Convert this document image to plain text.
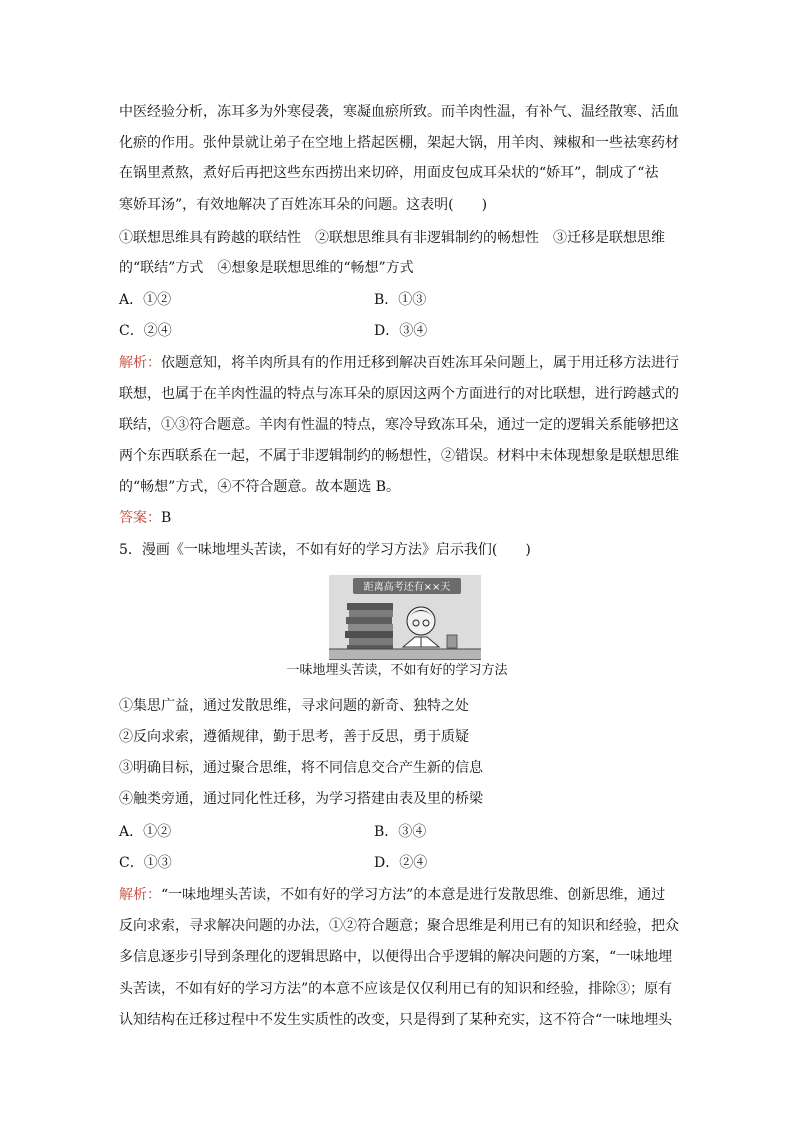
中医经验分析，冻耳多为外寒侵袭，寒凝血瘀所致。而羊肉性温，有补气、温经散寒、活血
化瘀的作用。张仲景就让弟子在空地上搭起医棚，架起大锅，用羊肉、辣椒和一些祛寒药材
在锅里煮熬，煮好后再把这些东西捞出来切碎，用面皮包成耳朵状的“娇耳”，制成了“祛
寒娇耳汤”，有效地解决了百姓冻耳朵的问题。这表明(　　)
①联想思维具有跨越的联结性　②联想思维具有非逻辑制约的畅想性　③迁移是联想思维
的“联结”方式　④想象是联想思维的“畅想”方式
A．①②	B．①③
C．②④	D．③④
解析：依题意知，将羊肉所具有的作用迁移到解决百姓冻耳朵问题上，属于用迁移方法进行
联想，也属于在羊肉性温的特点与冻耳朵的原因这两个方面进行的对比联想，进行跨越式的
联结，①③符合题意。羊肉有性温的特点，寒冷导致冻耳朵，通过一定的逻辑关系能够把这
两个东西联系在一起，不属于非逻辑制约的畅想性，②错误。材料中未体现想象是联想思维
的“畅想”方式，④不符合题意。故本题选 B。
答案：B
5．漫画《一味地埋头苦读，不如有好的学习方法》启示我们(　　)
距离高考还有××天
一味地埋头苦读，不如有好的学习方法
①集思广益，通过发散思维，寻求问题的新奇、独特之处
②反向求索，遵循规律，勤于思考，善于反思，勇于质疑
③明确目标，通过聚合思维，将不同信息交合产生新的信息
④触类旁通，通过同化性迁移，为学习搭建由表及里的桥梁
A．①②	B．③④
C．①③	D．②④
解析：“一味地埋头苦读，不如有好的学习方法”的本意是进行发散思维、创新思维，通过
反向求索，寻求解决问题的办法，①②符合题意；聚合思维是利用已有的知识和经验，把众
多信息逐步引导到条理化的逻辑思路中，以便得出合乎逻辑的解决问题的方案，“一味地埋
头苦读，不如有好的学习方法”的本意不应该是仅仅利用已有的知识和经验，排除③；原有
认知结构在迁移过程中不发生实质性的改变，只是得到了某种充实，这不符合“一味地埋头
